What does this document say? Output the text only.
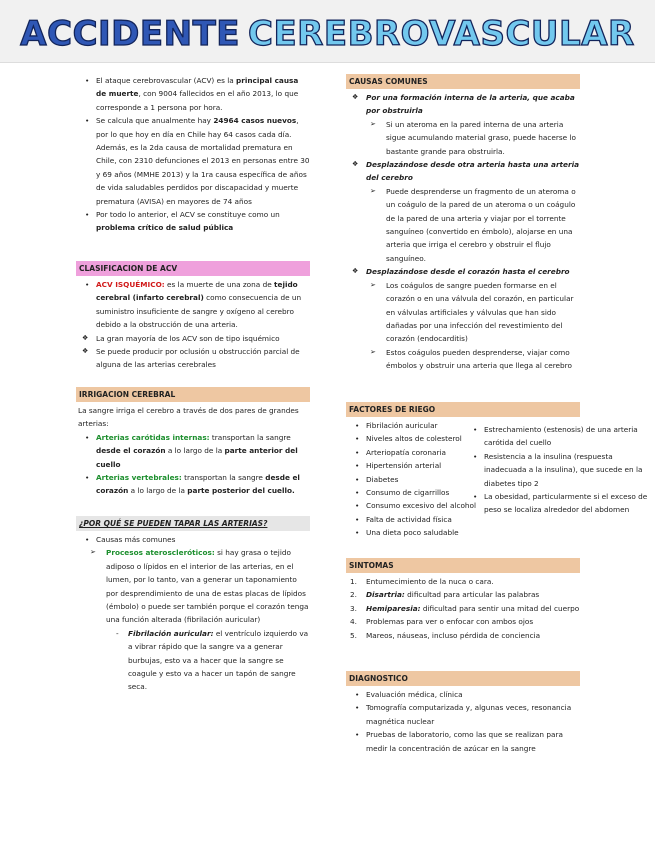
ACCIDENTE CEREBROVASCULAR
• El ataque cerebrovascular (ACV) es la principal causa de muerte, con 9004 fallecidos en el año 2013, lo que corresponde a 1 persona por hora.
• Se calcula que anualmente hay 24964 casos nuevos, por lo que hoy en día en Chile hay 64 casos cada día. Además, es la 2da causa de mortalidad prematura en Chile, con 2310 defunciones el 2013 en personas entre 30 y 69 años (MMHE 2013) y la 1ra causa específica de años de vida saludables perdidos por discapacidad y muerte prematura (AVISA) en mayores de 74 años
• Por todo lo anterior, el ACV se constituye como un problema crítico de salud pública
CLASIFICACION DE ACV
• ACV ISQUÉMICO: es la muerte de una zona de tejido cerebral (infarto cerebral) como consecuencia de un suministro insuficiente de sangre y oxígeno al cerebro debido a la obstrucción de una arteria.
❖ La gran mayoría de los ACV son de tipo isquémico
❖ Se puede producir por oclusión u obstrucción parcial de alguna de las arterias cerebrales
IRRIGACION CEREBRAL
La sangre irriga el cerebro a través de dos pares de grandes arterias:
• Arterias carótidas internas: transportan la sangre desde el corazón a lo largo de la parte anterior del cuello
• Arterias vertebrales: transportan la sangre desde el corazón a lo largo de la parte posterior del cuello.
¿POR QUÉ SE PUEDEN TAPAR LAS ARTERIAS?
• Causas más comunes
➢ Procesos ateroscleróticos: si hay grasa o tejido adiposo o lípidos en el interior de las arterias, en el lumen, por lo tanto, van a generar un taponamiento por desprendimiento de una de estas placas de lípidos (émbolo) o puede ser también porque el corazón tenga una función alterada (fibrilación auricular)
- Fibrilación auricular: el ventrículo izquierdo va a vibrar rápido que la sangre va a generar burbujas, esto va a hacer que la sangre se coagule y esto va a hacer un tapón de sangre seca.
CAUSAS COMUNES
❖ Por una formación interna de la arteria, que acaba por obstruirla
➢ Si un ateroma en la pared interna de una arteria sigue acumulando material graso, puede hacerse lo bastante grande para obstruirla.
❖ Desplazándose desde otra arteria hasta una arteria del cerebro
➢ Puede desprenderse un fragmento de un ateroma o un coágulo de la pared de un ateroma o un coágulo de la pared de una arteria y viajar por el torrente sanguíneo (convertido en émbolo), alojarse en una arteria que irriga el cerebro y obstruir el flujo sanguíneo.
❖ Desplazándose desde el corazón hasta el cerebro
➢ Los coágulos de sangre pueden formarse en el corazón o en una válvula del corazón, en particular en válvulas artificiales y válvulas que han sido dañadas por una infección del revestimiento del corazón (endocarditis)
➢ Estos coágulos pueden desprenderse, viajar como émbolos y obstruir una arteria que llega al cerebro
FACTORES DE RIEGO
• Fibrilación auricular
• Niveles altos de colesterol
• Arteriopatía coronaria
• Hipertensión arterial
• Diabetes
• Consumo de cigarrillos
• Consumo excesivo del alcohol
• Falta de actividad física
• Una dieta poco saludable
• Estrechamiento (estenosis) de una arteria carótida del cuello
• Resistencia a la insulina (respuesta inadecuada a la insulina), que sucede en la diabetes tipo 2
• La obesidad, particularmente si el exceso de peso se localiza alrededor del abdomen
SINTOMAS
1. Entumecimiento de la nuca o cara.
2. Disartria: dificultad para articular las palabras
3. Hemiparesia: dificultad para sentir una mitad del cuerpo
4. Problemas para ver o enfocar con ambos ojos
5. Mareos, náuseas, incluso pérdida de conciencia
DIAGNOSTICO
• Evaluación médica, clínica
• Tomografía computarizada y, algunas veces, resonancia magnética nuclear
• Pruebas de laboratorio, como las que se realizan para medir la concentración de azúcar en la sangre
